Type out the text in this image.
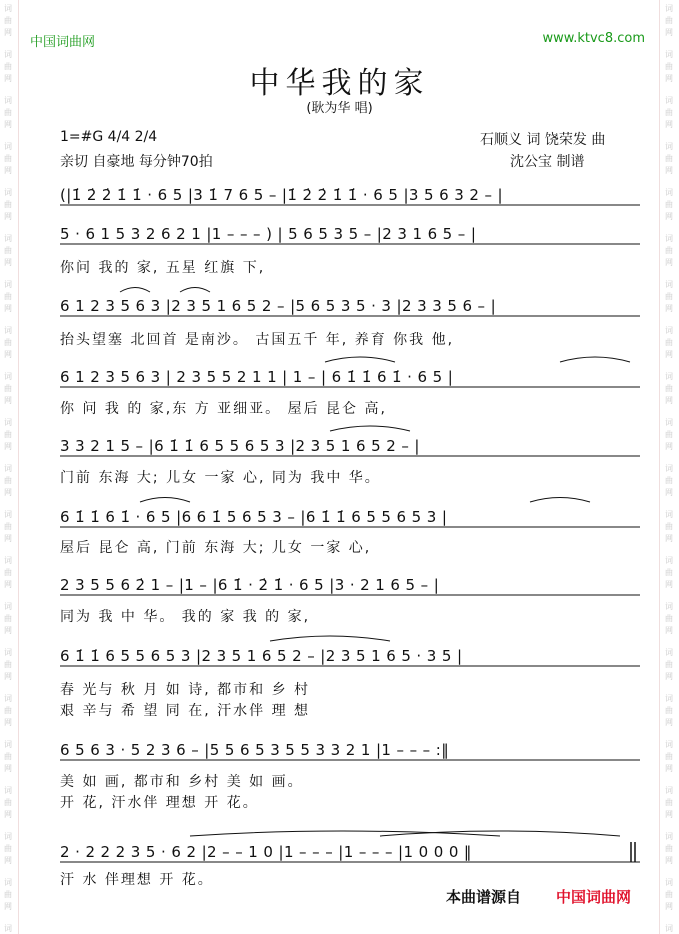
词
曲
网
词
曲
网
词
曲
网
词
曲
网
词
曲
网
词
曲
网
词
曲
网
词
曲
网
词
曲
网
词
曲
网
词
曲
网
词
曲
网
词
曲
网
词
曲
网
词
曲
网
词
曲
网
词
曲
网
词
曲
网
词
曲
网
词
曲
网
词
词
曲
网
词
曲
网
词
曲
网
词
曲
网
词
曲
网
词
曲
网
词
曲
网
词
曲
网
词
曲
网
词
曲
网
词
曲
网
词
曲
网
词
曲
网
词
曲
网
词
曲
网
词
曲
网
词
曲
网
词
曲
网
词
曲
网
词
曲
网
词
中国词曲网	www.ktvc8.com
中华我的家
(耿为华 唱)
1=#G 4/4 2/4
亲切 自豪地 每分钟70拍
石顺义 词 饶荣发 曲
沈公宝 制谱
(|1̇ 2̇ 2̇ 1̇ 1̇ · 6 5 |3 1̇ 7 6 5 – |1̇ 2̇ 2̇ 1̇ 1̇ · 6 5 |3 5 6 3 2 – |
5 · 6 1 5 3 2 6 2 1 |1 – – – ) | 5 6 5 3 5 – |2 3 1 6 5 – |
你问 我的 家, 五星 红旗 下,
6 1 2 3 5 6 3 |2 3 5 1 6 5 2 – |5 6 5 3 5 · 3 |2 3 3 5 6 – |
抬头望塞 北回首 是南沙。 古国五千 年, 养育 你我 他,
6 1 2 3 5 6 3 | 2 3 5 5 2 1 1 | 1 – | 6 1̇ 1̇ 6 1̇ · 6 5 |
你 问 我 的 家,东 方 亚细亚。 屋后 昆仑 高,
3 3 2 1 5 – |6 1̇ 1̇ 6 5 5 6 5 3 |2 3 5 1 6 5 2 – |
门前 东海 大; 儿女 一家 心, 同为 我中 华。
6 1̇ 1̇ 6 1̇ · 6 5 |6 6 1̇ 5 6 5 3 – |6 1̇ 1̇ 6 5 5 6 5 3 |
屋后 昆仑 高, 门前 东海 大; 儿女 一家 心,
2 3 5 5 6 2̇ 1 – |1 – |6 1̇ · 2̇ 1̇ · 6 5 |3 · 2 1 6 5 – |
同为 我 中 华。 我的 家 我 的 家,
6 1̇ 1̇ 6 5 5 6 5 3 |2 3 5 1 6 5 2 – |2 3 5 1 6 5 · 3 5 |
春 光与 秋 月 如 诗, 都市和 乡 村
艰 辛与 希 望 同 在, 汗水伴 理 想
6 5 6 3 · 5 2 3 6 – |5 5 6 5 3 5 5 3 3 2 1 |1 – – – :‖
美 如 画, 都市和 乡村 美 如 画。
开 花, 汗水伴 理想 开 花。
2 · 2 2 2 3 5 · 6 2 |2 – – 1 0 |1 – – – |1 – – – |1 0 0 0 ‖
汗 水 伴理想 开 花。
本曲谱源自 中国词曲网
